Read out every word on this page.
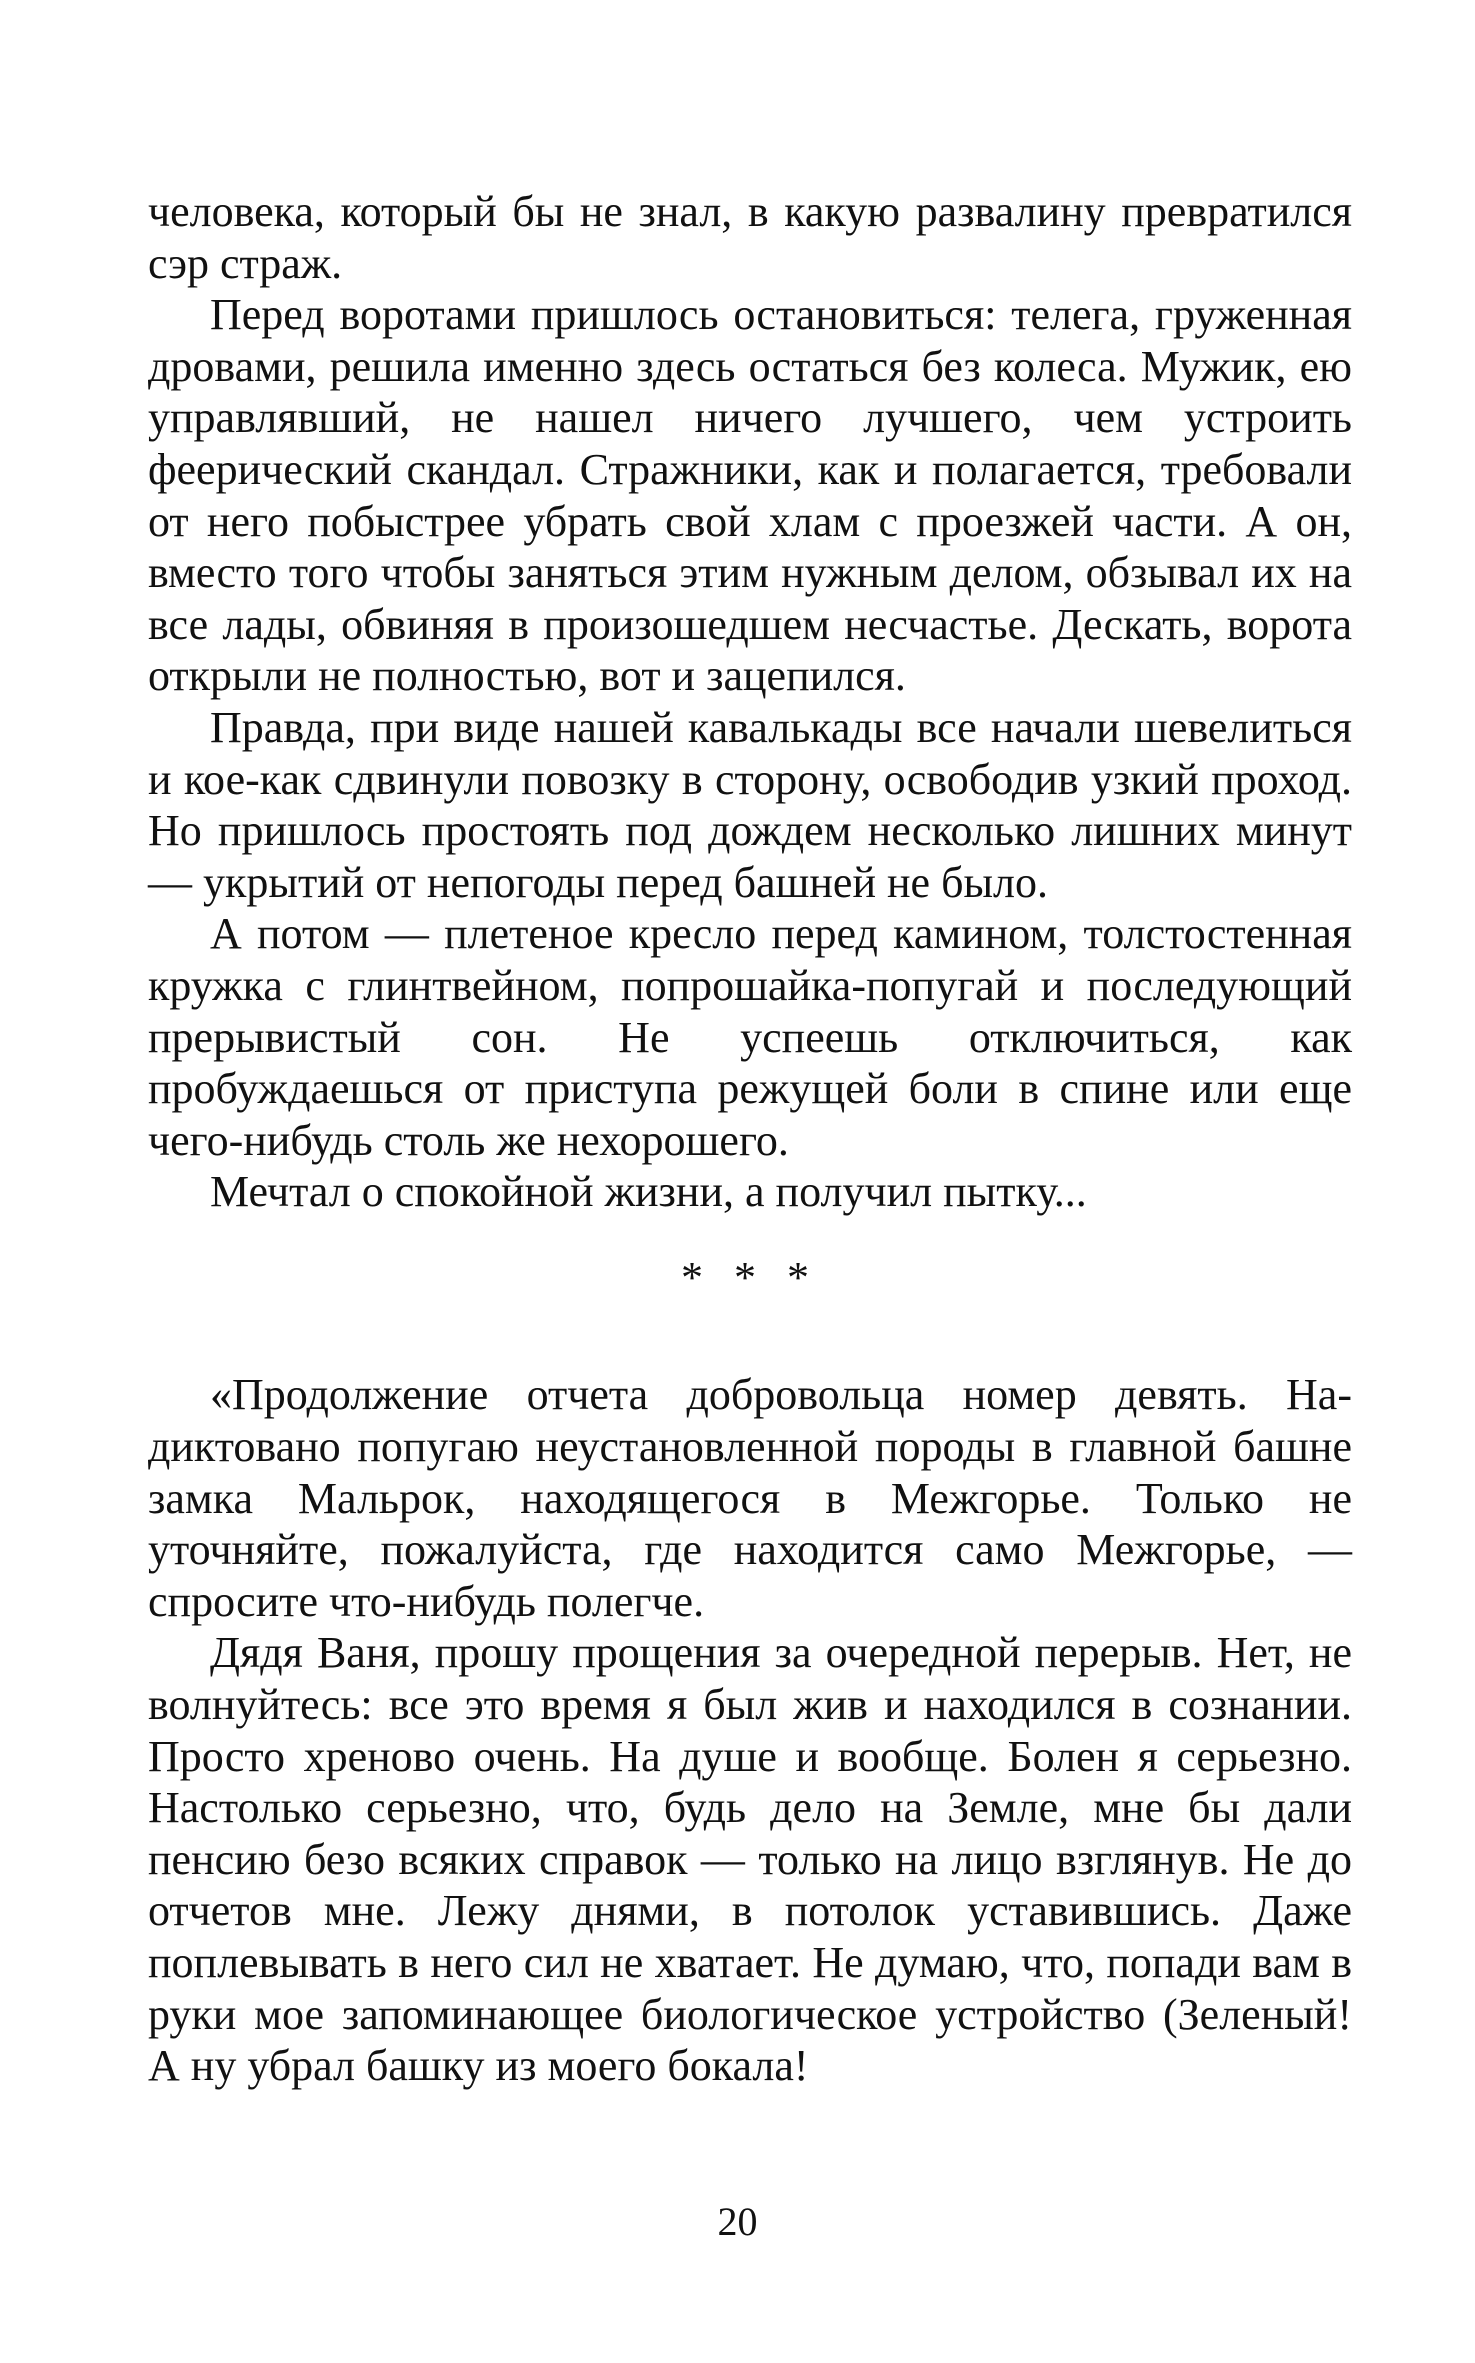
человека, который бы не знал, в какую развалину превратился сэр страж.

Перед воротами пришлось остановиться: телега, груженная дровами, решила именно здесь остаться без колеса. Мужик, ею управлявший, не нашел ничего лучшего, чем устроить феерический скандал. Стражники, как и полагается, требовали от него побыстрее убрать свой хлам с проезжей части. А он, вместо того чтобы заняться этим нужным делом, обзывал их на все лады, обвиняя в произошедшем несчастье. Дескать, ворота открыли не полностью, вот и зацепился.

Правда, при виде нашей кавалькады все начали шевелиться и кое-как сдвинули повозку в сторону, освободив узкий проход. Но пришлось простоять под дождем несколько лишних минут — укрытий от непогоды перед башней не было.

А потом — плетеное кресло перед камином, толстостенная кружка с глинтвейном, попрошайка-попугай и последующий прерывистый сон. Не успеешь отключиться, как пробуждаешься от приступа режущей боли в спине или еще чего-нибудь столь же нехорошего.

Мечтал о спокойной жизни, а получил пытку...

* * *

«Продолжение отчета добровольца номер девять. Надиктовано попугаю неустановленной породы в главной башне замка Мальрок, находящегося в Межгорье. Только не уточняйте, пожалуйста, где находится само Межгорье, — спросите что-нибудь полегче.

Дядя Ваня, прошу прощения за очередной перерыв. Нет, не волнуйтесь: все это время я был жив и находился в сознании. Просто хреново очень. На душе и вообще. Болен я серьезно. Настолько серьезно, что, будь дело на Земле, мне бы дали пенсию безо всяких справок — только на лицо взглянув. Не до отчетов мне. Лежу днями, в потолок уставившись. Даже поплевывать в него сил не хватает. Не думаю, что, попади вам в руки мое запоминающее биологическое устройство (Зеленый! А ну убрал башку из моего бокала!

20
